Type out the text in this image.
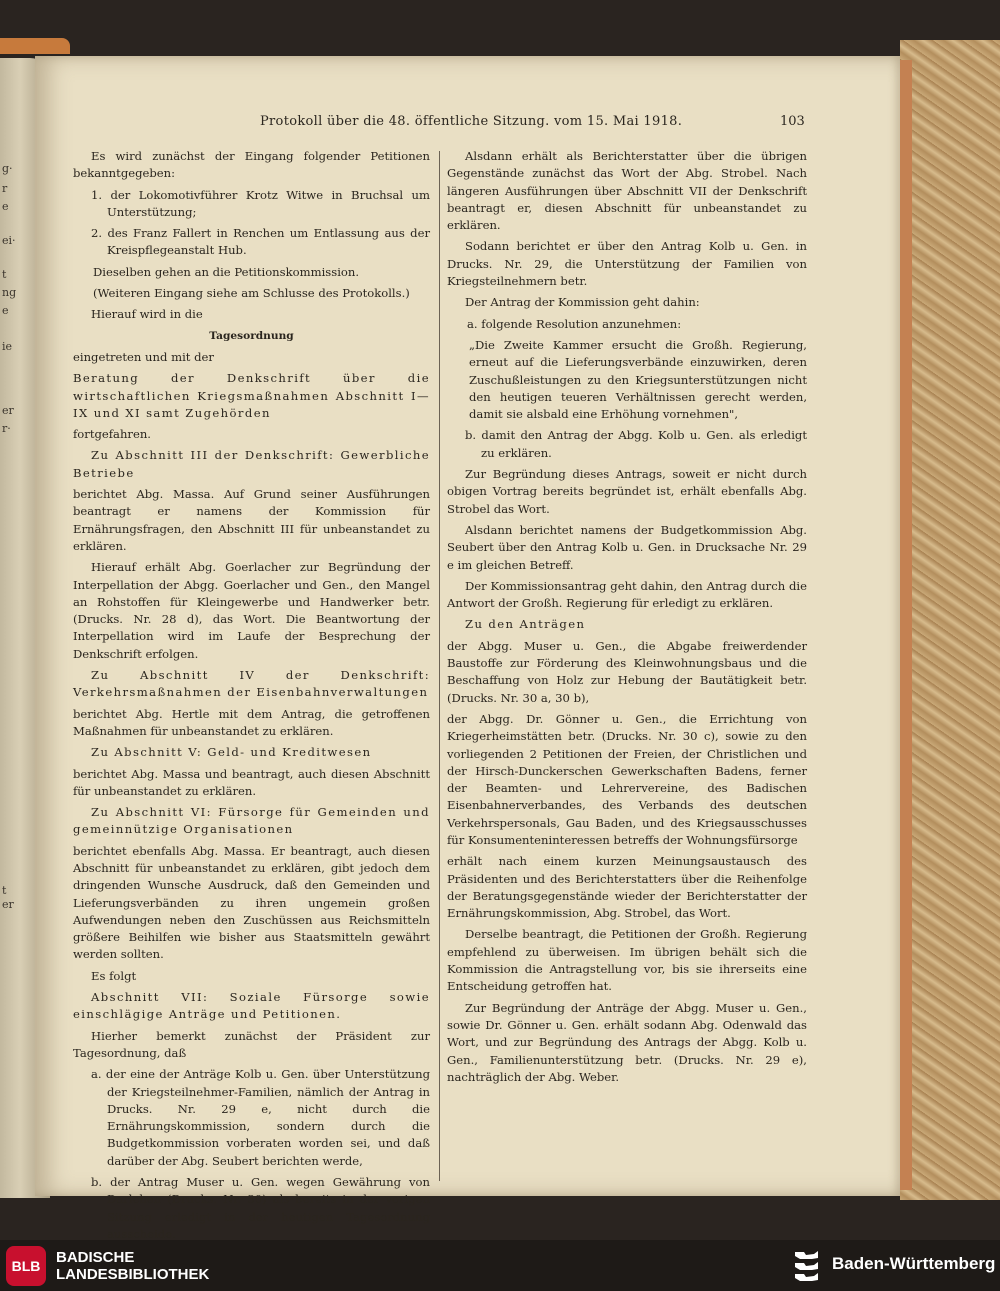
g·
r
e
ei·
t
ng
e
ie
er
r·
t
er
Protokoll über die 48. öffentliche Sitzung. vom 15. Mai 1918.	103

Es wird zunächst der Eingang folgender Petitionen bekanntgegeben:

1. der Lokomotivführer Krotz Witwe in Bruchsal um Unterstützung;

2. des Franz Fallert in Renchen um Entlassung aus der Kreispflegeanstalt Hub.

Dieselben gehen an die Petitionskommission.

(Weiteren Eingang siehe am Schlusse des Protokolls.)

Hierauf wird in die

Tagesordnung

eingetreten und mit der

Beratung der Denkschrift über die wirtschaftlichen Kriegsmaßnahmen Abschnitt I—IX und XI samt Zugehörden

fortgefahren.

Zu Abschnitt III der Denkschrift: Gewerbliche Betriebe

berichtet Abg. Massa. Auf Grund seiner Ausführungen beantragt er namens der Kommission für Ernährungsfragen, den Abschnitt III für unbeanstandet zu erklären.

Hierauf erhält Abg. Goerlacher zur Begründung der Interpellation der Abgg. Goerlacher und Gen., den Mangel an Rohstoffen für Kleingewerbe und Handwerker betr. (Drucks. Nr. 28 d), das Wort. Die Beantwortung der Interpellation wird im Laufe der Besprechung der Denkschrift erfolgen.

Zu Abschnitt IV der Denkschrift: Verkehrsmaßnahmen der Eisenbahnverwaltungen

berichtet Abg. Hertle mit dem Antrag, die getroffenen Maßnahmen für unbeanstandet zu erklären.

Zu Abschnitt V: Geld- und Kreditwesen

berichtet Abg. Massa und beantragt, auch diesen Abschnitt für unbeanstandet zu erklären.

Zu Abschnitt VI: Fürsorge für Gemeinden und gemeinnützige Organisationen

berichtet ebenfalls Abg. Massa. Er beantragt, auch diesen Abschnitt für unbeanstandet zu erklären, gibt jedoch dem dringenden Wunsche Ausdruck, daß den Gemeinden und Lieferungsverbänden zu ihren ungemein großen Aufwendungen neben den Zuschüssen aus Reichsmitteln größere Beihilfen wie bisher aus Staatsmitteln gewährt werden sollten.

Es folgt

Abschnitt VII: Soziale Fürsorge sowie einschlägige Anträge und Petitionen.

Hierher bemerkt zunächst der Präsident zur Tagesordnung, daß

a. der eine der Anträge Kolb u. Gen. über Unterstützung der Kriegsteilnehmer-Familien, nämlich der Antrag in Drucks. Nr. 29 e, nicht durch die Ernährungskommission, sondern durch die Budgetkommission vorberaten worden sei, und daß darüber der Abg. Seubert berichten werde,

b. der Antrag Muser u. Gen. wegen Gewährung von Darlehen (Drucks. Nr. 30) als bereits in der vorigen Sitzung erledigt in der heutigen Tagesordnung ausscheide.

Alsdann erhält als Berichterstatter über die übrigen Gegenstände zunächst das Wort der Abg. Strobel. Nach längeren Ausführungen über Abschnitt VII der Denkschrift beantragt er, diesen Abschnitt für unbeanstandet zu erklären.

Sodann berichtet er über den Antrag Kolb u. Gen. in Drucks. Nr. 29, die Unterstützung der Familien von Kriegsteilnehmern betr.

Der Antrag der Kommission geht dahin:

a. folgende Resolution anzunehmen:

„Die Zweite Kammer ersucht die Großh. Regierung, erneut auf die Lieferungsverbände einzuwirken, deren Zuschußleistungen zu den Kriegsunterstützungen nicht den heutigen teueren Verhältnissen gerecht werden, damit sie alsbald eine Erhöhung vornehmen",

b. damit den Antrag der Abgg. Kolb u. Gen. als erledigt zu erklären.

Zur Begründung dieses Antrags, soweit er nicht durch obigen Vortrag bereits begründet ist, erhält ebenfalls Abg. Strobel das Wort.

Alsdann berichtet namens der Budgetkommission Abg. Seubert über den Antrag Kolb u. Gen. in Drucksache Nr. 29 e im gleichen Betreff.

Der Kommissionsantrag geht dahin, den Antrag durch die Antwort der Großh. Regierung für erledigt zu erklären.

Zu den Anträgen

der Abgg. Muser u. Gen., die Abgabe freiwerdender Baustoffe zur Förderung des Kleinwohnungsbaus und die Beschaffung von Holz zur Hebung der Bautätigkeit betr. (Drucks. Nr. 30 a, 30 b),

der Abgg. Dr. Gönner u. Gen., die Errichtung von Kriegerheimstätten betr. (Drucks. Nr. 30 c), sowie zu den vorliegenden 2 Petitionen der Freien, der Christlichen und der Hirsch-Dunckerschen Gewerkschaften Badens, ferner der Beamten- und Lehrervereine, des Badischen Eisenbahnerverbandes, des Verbands des deutschen Verkehrspersonals, Gau Baden, und des Kriegsausschusses für Konsumenteninteressen betreffs der Wohnungsfürsorge

erhält nach einem kurzen Meinungsaustausch des Präsidenten und des Berichterstatters über die Reihenfolge der Beratungsgegenstände wieder der Berichterstatter der Ernährungskommission, Abg. Strobel, das Wort.

Derselbe beantragt, die Petitionen der Großh. Regierung empfehlend zu überweisen. Im übrigen behält sich die Kommission die Antragstellung vor, bis sie ihrerseits eine Entscheidung getroffen hat.

Zur Begründung der Anträge der Abgg. Muser u. Gen., sowie Dr. Gönner u. Gen. erhält sodann Abg. Odenwald das Wort, und zur Begründung des Antrags der Abgg. Kolb u. Gen., Familienunterstützung betr. (Drucks. Nr. 29 e), nachträglich der Abg. Weber.

BLB	BADISCHE
LANDESBIBLIOTHEK
Baden-Württemberg
